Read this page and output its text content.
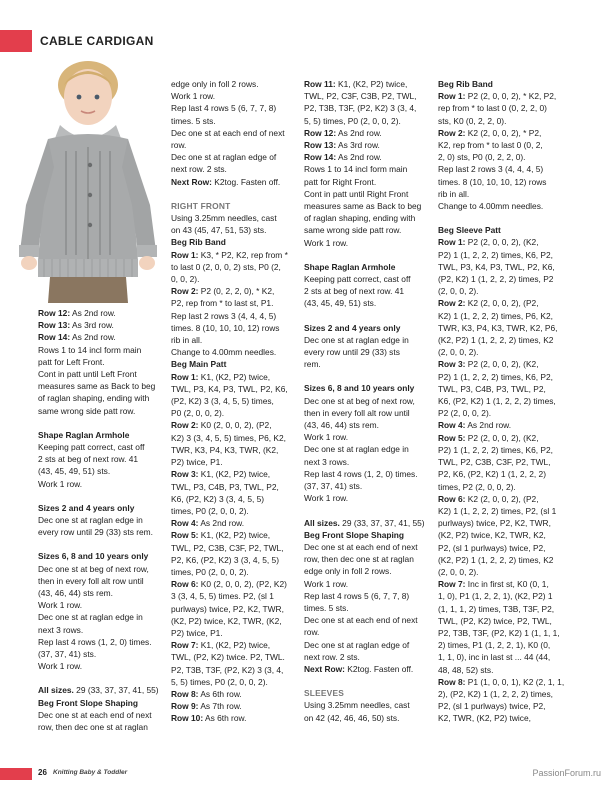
CABLE CARDIGAN

Row 12: As 2nd row.

Row 13: As 3rd row.

Row 14: As 2nd row.

Rows 1 to 14 incl form main

patt for Left Front.

Cont in patt until Left Front

measures same as Back to beg

of raglan shaping, ending with

same wrong side patt row.

Shape Raglan Armhole

Keeping patt correct, cast off

2 sts at beg of next row. 41

(43, 45, 49, 51) sts.

Work 1 row.

Sizes 2 and 4 years only

Dec one st at raglan edge in

every row until 29 (33) sts rem.

Sizes 6, 8 and 10 years only

Dec one st at beg of next row,

then in every foll alt row until

(43, 46, 44) sts rem.

Work 1 row.

Dec one st at raglan edge in

next 3 rows.

Rep last 4 rows (1, 2, 0) times.

(37, 37, 41) sts.

Work 1 row.

All sizes. 29 (33, 37, 37, 41, 55)

Beg Front Slope Shaping

Dec one st at each end of next

row, then dec one st at raglan

edge only in foll 2 rows.

Work 1 row.

Rep last 4 rows 5 (6, 7, 7, 8)

times. 5 sts.

Dec one st at each end of next

row.

Dec one st at raglan edge of

next row. 2 sts.

Next Row: K2tog. Fasten off.

RIGHT FRONT

Using 3.25mm needles, cast

on 43 (45, 47, 51, 53) sts.

Beg Rib Band

Row 1: K3, * P2, K2, rep from *

to last 0 (2, 0, 0, 2) sts, P0 (2,

0, 0, 2).

Row 2: P2 (0, 2, 2, 0), * K2,

P2, rep from * to last st, P1.

Rep last 2 rows 3 (4, 4, 4, 5)

times. 8 (10, 10, 10, 12) rows

rib in all.

Change to 4.00mm needles.

Beg Main Patt

Row 1: K1, (K2, P2) twice,

TWL, P3, K4, P3, TWL, P2, K6,

(P2, K2) 3 (3, 4, 5, 5) times,

P0 (2, 0, 0, 2).

Row 2: K0 (2, 0, 0, 2), (P2,

K2) 3 (3, 4, 5, 5) times, P6, K2,

TWR, K3, P4, K3, TWR, (K2,

P2) twice, P1.

Row 3: K1, (K2, P2) twice,

TWL, P3, C4B, P3, TWL, P2,

K6, (P2, K2) 3 (3, 4, 5, 5)

times, P0 (2, 0, 0, 2).

Row 4: As 2nd row.

Row 5: K1, (K2, P2) twice,

TWL, P2, C3B, C3F, P2, TWL,

P2, K6, (P2, K2) 3 (3, 4, 5, 5)

times, P0 (2, 0, 0, 2).

Row 6: K0 (2, 0, 0, 2), (P2, K2)

3 (3, 4, 5, 5) times. P2, (sl 1

purlways) twice, P2, K2, TWR,

(K2, P2) twice, K2, TWR, (K2,

P2) twice, P1.

Row 7: K1, (K2, P2) twice,

TWL, (P2, K2) twice. P2, TWL.

P2, T3B, T3F, (P2, K2) 3 (3, 4,

5, 5) times, P0 (2, 0, 0, 2).

Row 8: As 6th row.

Row 9: As 7th row.

Row 10: As 6th row.

Row 11: K1, (K2, P2) twice,

TWL, P2, C3F, C3B, P2, TWL,

P2, T3B, T3F, (P2, K2) 3 (3, 4,

5, 5) times, P0 (2, 0, 0, 2).

Row 12: As 2nd row.

Row 13: As 3rd row.

Row 14: As 2nd row.

Rows 1 to 14 incl form main

patt for Right Front.

Cont in patt until Right Front

measures same as Back to beg

of raglan shaping, ending with

same wrong side patt row.

Work 1 row.

Shape Raglan Armhole

Keeping patt correct, cast off

2 sts at beg of next row. 41

(43, 45, 49, 51) sts.

Sizes 2 and 4 years only

Dec one st at raglan edge in

every row until 29 (33) sts

rem.

Sizes 6, 8 and 10 years only

Dec one st at beg of next row,

then in every foll alt row until

(43, 46, 44) sts rem.

Work 1 row.

Dec one st at raglan edge in

next 3 rows.

Rep last 4 rows (1, 2, 0) times.

(37, 37, 41) sts.

Work 1 row.

All sizes. 29 (33, 37, 37, 41, 55)

Beg Front Slope Shaping

Dec one st at each end of next

row, then dec one st at raglan

edge only in foll 2 rows.

Work 1 row.

Rep last 4 rows 5 (6, 7, 7, 8)

times. 5 sts.

Dec one st at each end of next

row.

Dec one st at raglan edge of

next row. 2 sts.

Next Row: K2tog. Fasten off.

SLEEVES

Using 3.25mm needles, cast

on 42 (42, 46, 46, 50) sts.

Beg Rib Band

Row 1: P2 (2, 0, 0, 2), * K2, P2,

rep from * to last 0 (0, 2, 2, 0)

sts, K0 (0, 2, 2, 0).

Row 2: K2 (2, 0, 0, 2), * P2,

K2, rep from * to last 0 (0, 2,

2, 0) sts, P0 (0, 2, 2, 0).

Rep last 2 rows 3 (4, 4, 4, 5)

times. 8 (10, 10, 10, 12) rows

rib in all.

Change to 4.00mm needles.

Beg Sleeve Patt

Row 1: P2 (2, 0, 0, 2), (K2,

P2) 1 (1, 2, 2, 2) times, K6, P2,

TWL, P3, K4, P3, TWL, P2, K6,

(P2, K2) 1 (1, 2, 2, 2) times, P2

(2, 0, 0, 2).

Row 2: K2 (2, 0, 0, 2), (P2,

K2) 1 (1, 2, 2, 2) times, P6, K2,

TWR, K3, P4, K3, TWR, K2, P6,

(K2, P2) 1 (1, 2, 2, 2) times, K2

(2, 0, 0, 2).

Row 3: P2 (2, 0, 0, 2), (K2,

P2) 1 (1, 2, 2, 2) times, K6, P2,

TWL, P3, C4B, P3, TWL, P2,

K6, (P2, K2) 1 (1, 2, 2, 2) times,

P2 (2, 0, 0, 2).

Row 4: As 2nd row.

Row 5: P2 (2, 0, 0, 2), (K2,

P2) 1 (1, 2, 2, 2) times, K6, P2,

TWL, P2, C3B, C3F, P2, TWL,

P2, K6, (P2, K2) 1 (1, 2, 2, 2)

times, P2 (2, 0, 0, 2).

Row 6: K2 (2, 0, 0, 2), (P2,

K2) 1 (1, 2, 2, 2) times, P2, (sl 1

purlways) twice, P2, K2, TWR,

(K2, P2) twice, K2, TWR, K2,

P2, (sl 1 purlways) twice, P2,

(K2, P2) 1 (1, 2, 2, 2) times, K2

(2, 0, 0, 2).

Row 7: Inc in first st, K0 (0, 1,

1, 0), P1 (1, 2, 2, 1), (K2, P2) 1

(1, 1, 1, 2) times, T3B, T3F, P2,

TWL, (P2, K2) twice, P2, TWL,

P2, T3B, T3F, (P2, K2) 1 (1, 1, 1,

2) times, P1 (1, 2, 2, 1), K0 (0,

1, 1, 0), inc in last st ... 44 (44,

48, 48, 52) sts.

Row 8: P1 (1, 0, 0, 1), K2 (2, 1, 1,

2), (P2, K2) 1 (1, 2, 2, 2) times,

P2, (sl 1 purlways) twice, P2,

K2, TWR, (K2, P2) twice,

26 Knitting Baby & Toddler	PassionForum.ru
